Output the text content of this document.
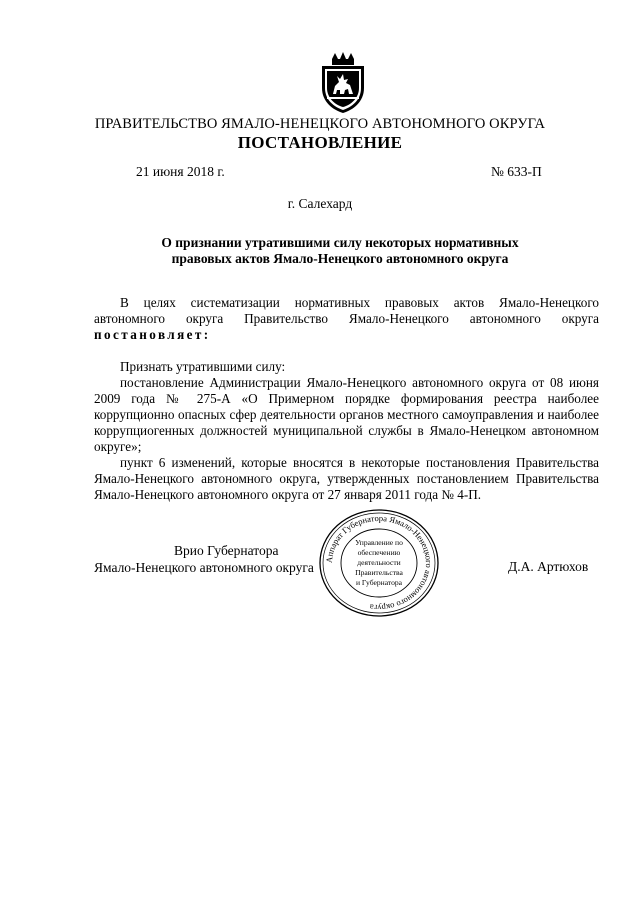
ПРАВИТЕЛЬСТВО ЯМАЛО-НЕНЕЦКОГО АВТОНОМНОГО ОКРУГА
ПОСТАНОВЛЕНИЕ
21 июня 2018 г.	№ 633-П
г. Салехард
О признании утратившими силу некоторых нормативных
правовых актов Ямало-Ненецкого автономного округа

В целях систематизации нормативных правовых актов Ямало-Ненецкого автономного округа Правительство Ямало-Ненецкого автономного округа постановляет:

Признать утратившими силу:

постановление Администрации Ямало-Ненецкого автономного округа от 08 июня 2009 года № 275-А «О Примерном порядке формирования реестра наиболее коррупционно опасных сфер деятельности органов местного самоуправления и наиболее коррупциогенных должностей муниципальной службы в Ямало-Ненецком автономном округе»;

пункт 6 изменений, которые вносятся в некоторые постановления Правительства Ямало-Ненецкого автономного округа, утвержденных постановлением Правительства Ямало-Ненецкого автономного округа от 27 января 2011 года № 4-П.

Врио Губернатора
Ямало-Ненецкого автономного округа	Д.А. Артюхов
Аппарат Губернатора Ямало-Ненецкого автономного округа
Управление по
обеспечению
деятельности
Правительства
и Губернатора
